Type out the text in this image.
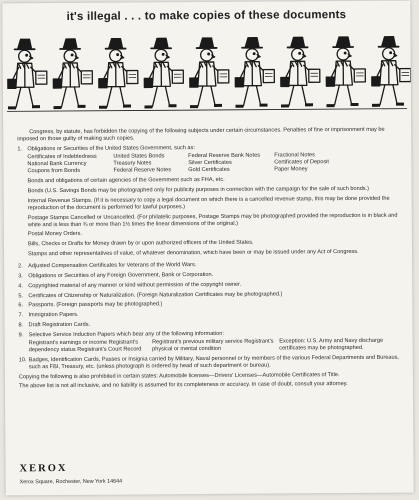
it's illegal . . . to make copies of these documents

Congress, by statute, has forbidden the copying of the following subjects under certain circumstances. Penalties of fine or imprisonment may be imposed on those guilty of making such copies.

1. Obligations or Securities of the United States Government, such as:
Certificates of Indebtedness
National Bank Currency
Coupons from Bonds
United States Bonds
Treasury Notes
Federal Reserve Notes
Federal Reserve Bank Notes
Silver Certificates
Gold Certificates
Fractional Notes
Certificates of Deposit
Paper Money

Bonds and obligations of certain agencies of the Government such as FHA, etc.

Bonds (U.S. Savings Bonds may be photographed only for publicity purposes in connection with the campaign for the sale of such bonds.)

Internal Revenue Stamps. (If it is necessary to copy a legal document on which there is a cancelled revenue stamp, this may be done provided the reproduction of the document is performed for lawful purposes.)

Postage Stamps Cancelled or Uncancelled. (For philatelic purposes, Postage Stamps may be photographed provided the reproduction is in black and white and is less than ¾ or more than 1½ times the linear dimensions of the original.)

Postal Money Orders.

Bills, Checks or Drafts for Money drawn by or upon authorized officers of the United States.

Stamps and other representatives of value, of whatever denomination, which have been or may be issued under any Act of Congress.

2. Adjusted Compensation Certificates for Veterans of the World Wars.
3. Obligations or Securities of any Foreign Government, Bank or Corporation.
4. Copyrighted material of any manner or kind without permission of the copyright owner.
5. Certificates of Citizenship or Naturalization. (Foreign Naturalization Certificates may be photographed.)
6. Passports. (Foreign passports may be photographed.)
7. Immigration Papers.
8. Draft Registration Cards.
9. Selective Service Induction Papers which bear any of the following information:
Registrant's earnings or income Registrant's dependency status Registrant's Court Record
Registrant's previous military service Registrant's physical or mental condition
Exception: U.S. Army and Navy discharge certificates may be photographed.
10. Badges, Identification Cards, Passes or Insignia carried by Military, Naval personnel or by members of the various Federal Departments and Bureaus, such as FBI, Treasury, etc. (unless photograph is ordered by head of such department or bureau).

Copying the following is also prohibited in certain states: Automobile licenses—Drivers' Licenses—Automobile Certificates of Title.

The above list is not all inclusive, and no liability is assumed for its completeness or accuracy. In case of doubt, consult your attorney.

XEROX
Xerox Square, Rochester, New York 14644
